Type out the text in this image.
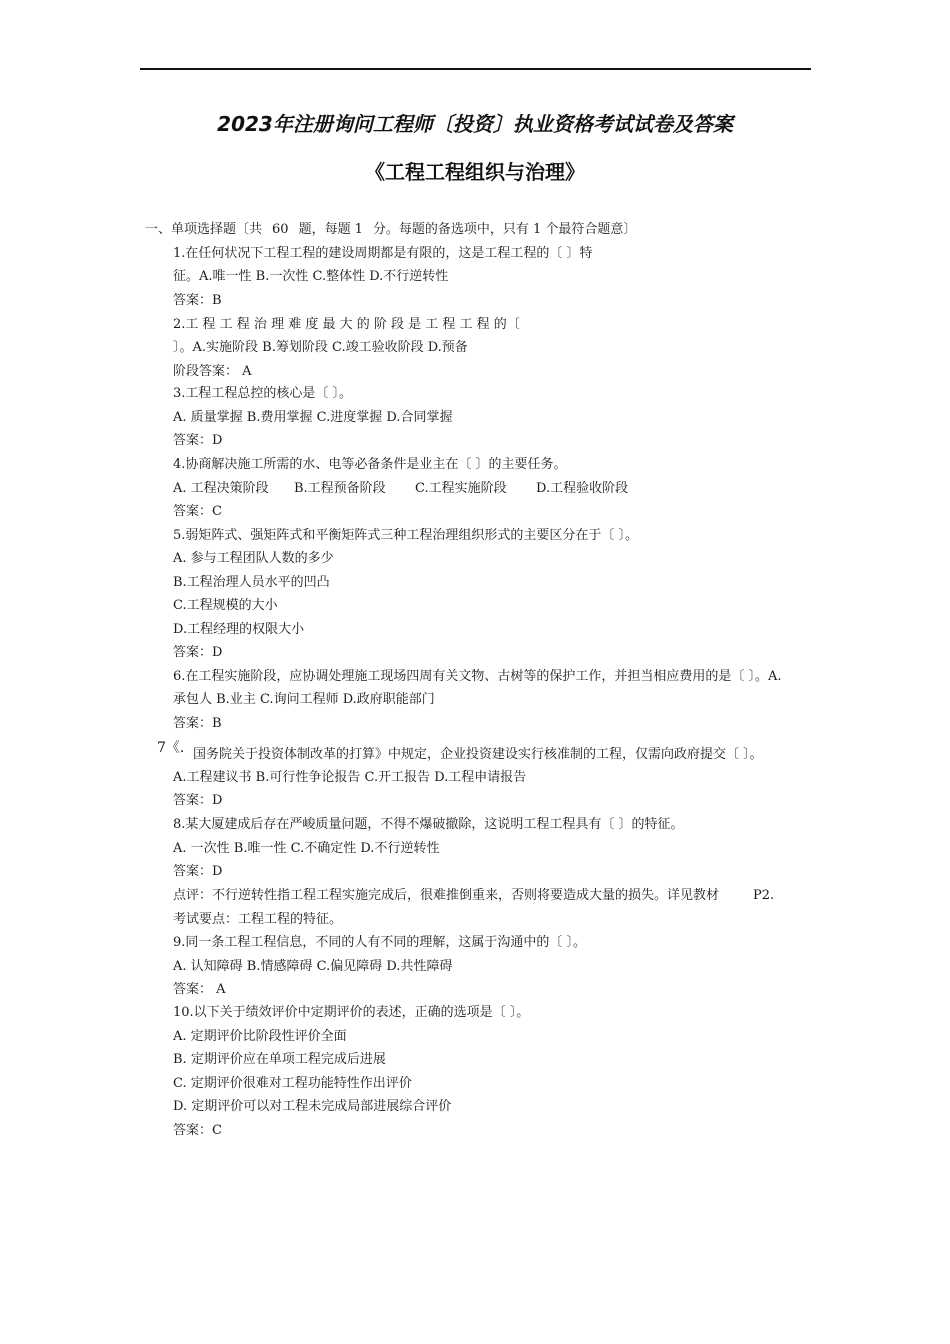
2023年注册询问工程师〔投资〕执业资格考试试卷及答案
《工程工程组织与治理》
一、单项选择题〔共 60 题，每题 1 分。每题的备选项中，只有 1 个最符合题意〕
1.在任何状况下工程工程的建设周期都是有限的，这是工程工程的〔 〕特
征。A.唯一性 B.一次性 C.整体性 D.不行逆转性
答案：B
2.工 程 工 程 治 理 难 度 最 大 的 阶 段 是 工 程 工 程 的〔
〕。A.实施阶段 B.筹划阶段 C.竣工验收阶段 D.预备
阶段答案： A
3.工程工程总控的核心是〔 〕。
A. 质量掌握 B.费用掌握 C.进度掌握 D.合同掌握
答案：D
4.协商解决施工所需的水、电等必备条件是业主在〔 〕的主要任务。
A. 工程决策阶段 B.工程预备阶段 C.工程实施阶段 D.工程验收阶段
答案：C
5.弱矩阵式、强矩阵式和平衡矩阵式三种工程治理组织形式的主要区分在于〔 〕。
A. 参与工程团队人数的多少
B.工程治理人员水平的凹凸
C.工程规模的大小
D.工程经理的权限大小
答案：D
6.在工程实施阶段，应协调处理施工现场四周有关文物、古树等的保护工作，并担当相应费用的是〔 〕。A.
承包人 B.业主 C.询问工程师 D.政府职能部门
答案：B
7《. 国务院关于投资体制改革的打算》中规定，企业投资建设实行核准制的工程，仅需向政府提交〔 〕。
A.工程建议书 B.可行性争论报告 C.开工报告 D.工程申请报告
答案：D
8.某大厦建成后存在严峻质量问题，不得不爆破撤除，这说明工程工程具有〔 〕的特征。
A. 一次性 B.唯一性 C.不确定性 D.不行逆转性
答案：D
点评：不行逆转性指工程工程实施完成后，很难推倒重来，否则将要造成大量的损失。详见教材	P2.
考试要点：工程工程的特征。
9.同一条工程工程信息，不同的人有不同的理解，这属于沟通中的〔 〕。
A. 认知障碍 B.情感障碍 C.偏见障碍 D.共性障碍
答案： A
10.以下关于绩效评价中定期评价的表述，正确的选项是〔 〕。
A. 定期评价比阶段性评价全面
B. 定期评价应在单项工程完成后进展
C. 定期评价很难对工程功能特性作出评价
D. 定期评价可以对工程未完成局部进展综合评价
答案：C
